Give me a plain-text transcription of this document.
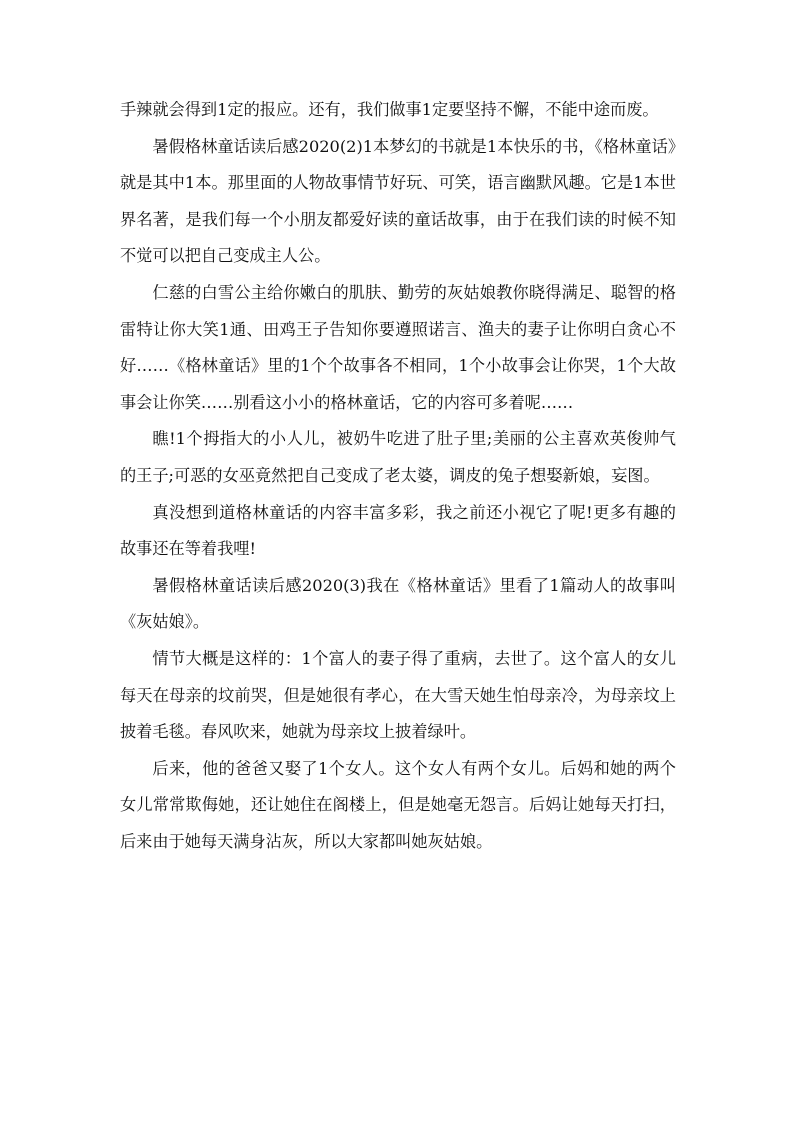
手辣就会得到1定的报应。还有，我们做事1定要坚持不懈，不能中途而废。

暑假格林童话读后感2020(2)1本梦幻的书就是1本快乐的书，《格林童话》就是其中1本。那里面的人物故事情节好玩、可笑，语言幽默风趣。它是1本世界名著，是我们每一个小朋友都爱好读的童话故事，由于在我们读的时候不知不觉可以把自己变成主人公。

仁慈的白雪公主给你嫩白的肌肤、勤劳的灰姑娘教你晓得满足、聪智的格雷特让你大笑1通、田鸡王子告知你要遵照诺言、渔夫的妻子让你明白贪心不好……《格林童话》里的1个个故事各不相同，1个小故事会让你哭，1个大故事会让你笑……别看这小小的格林童话，它的内容可多着呢……

瞧!1个拇指大的小人儿，被奶牛吃进了肚子里;美丽的公主喜欢英俊帅气的王子;可恶的女巫竟然把自己变成了老太婆，调皮的兔子想娶新娘，妄图。

真没想到道格林童话的内容丰富多彩，我之前还小视它了呢!更多有趣的故事还在等着我哩!

暑假格林童话读后感2020(3)我在《格林童话》里看了1篇动人的故事叫《灰姑娘》。

情节大概是这样的：1个富人的妻子得了重病，去世了。这个富人的女儿每天在母亲的坟前哭，但是她很有孝心，在大雪天她生怕母亲冷，为母亲坟上披着毛毯。春风吹来，她就为母亲坟上披着绿叶。

后来，他的爸爸又娶了1个女人。这个女人有两个女儿。后妈和她的两个女儿常常欺侮她，还让她住在阁楼上，但是她毫无怨言。后妈让她每天打扫，后来由于她每天满身沾灰，所以大家都叫她灰姑娘。
